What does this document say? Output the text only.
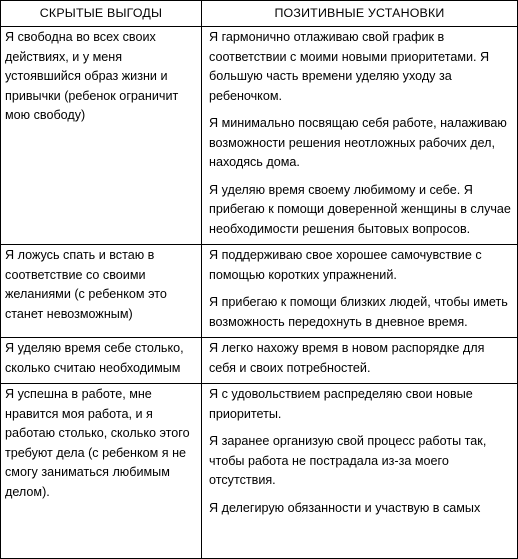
СКРЫТЫЕ ВЫГОДЫ	ПОЗИТИВНЫЕ УСТАНОВКИ
Я свободна во всех своих действиях, и у меня устоявшийся образ жизни и привычки (ребенок ограничит мою свободу)	Я гармонично отлаживаю свой график в соответствии с моими новыми приоритетами. Я большую часть времени уделяю уходу за ребеночком.

Я минимально посвящаю себя работе, налаживаю возможности решения неотложных рабочих дел, находясь дома.

Я уделяю время своему любимому и себе. Я прибегаю к помощи доверенной женщины в случае необходимости решения бытовых вопросов.

Я ложусь спать и встаю в соответствие со своими желаниями (с ребенком это станет невозможным)	Я поддерживаю свое хорошее самочувствие с помощью коротких упражнений.

Я прибегаю к помощи близких людей, чтобы иметь возможность передохнуть в дневное время.

Я уделяю время себе столько, сколько считаю необходимым	Я легко нахожу время в новом распорядке для себя и своих потребностей.

Я успешна в работе, мне нравится моя работа, и я работаю столько, сколько этого требуют дела (с ребенком я не смогу заниматься любимым делом).	Я с удовольствием распределяю свои новые приоритеты.

Я заранее организую свой процесс работы так, чтобы работа не пострадала из-за моего отсутствия.

Я делегирую обязанности и участвую в самых
